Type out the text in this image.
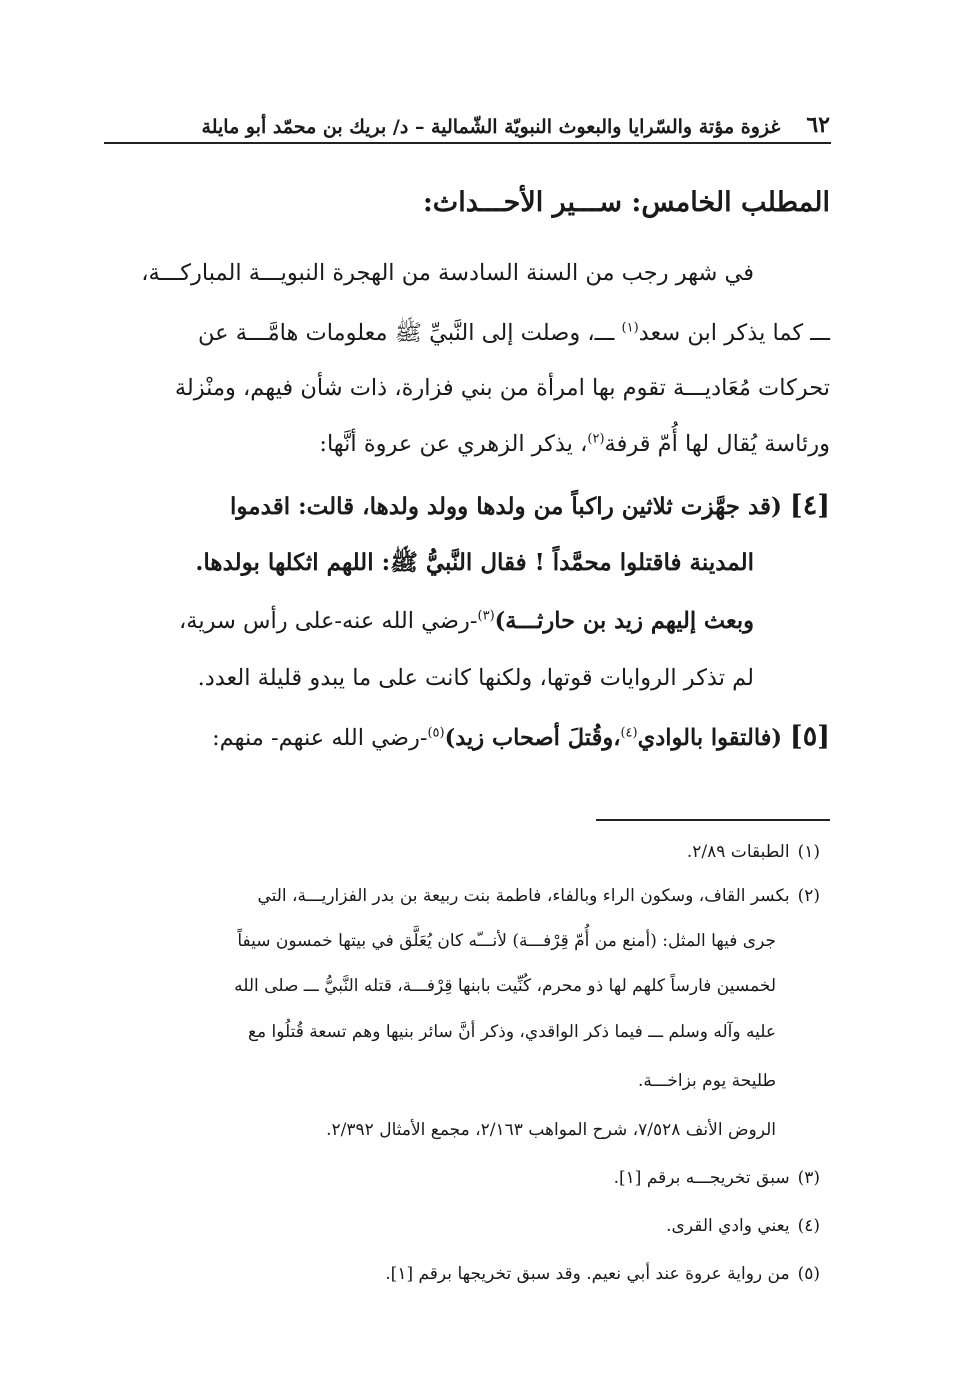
٦٢
غزوة مؤتة والسّرايا والبعوث النبويّة الشّمالية – د/ بريك بن محمّد أبو مايلة
المطلب الخامس: ســـير الأحـــداث:
في شهر رجب من السنة السادسة من الهجرة النبويـــة المباركـــة،
ـــ كما يذكر ابن سعد$^{(١)}$ ـــ، وصلت إلى النَّبيِّ ﷺ معلومات هامَّـــة عن
تحركات مُعَاديـــة تقوم بها امرأة من بني فزارة، ذات شأن فيهم، ومنْزلة
ورئاسة يُقال لها أُمّ قرفة$^{(٢)}$، يذكر الزهري عن عروة أنَّها:
[٤] (قد جهَّزت ثلاثين راكباً من ولدها وولد ولدها، قالت: اقدموا
المدينة فاقتلوا محمَّداً ! فقال النَّبيُّ ﷺ: اللهم اثكلها بولدها.
وبعث إليهم زيد بن حارثـــة)$^{(٣)}$-رضي الله عنه-على رأس سرية،
لم تذكر الروايات قوتها، ولكنها كانت على ما يبدو قليلة العدد.
[٥] (فالتقوا بالوادي$^{(٤)}$،وقُتلَ أصحاب زيد)$^{(٥)}$-رضي الله عنهم- منهم:
(١)الطبقات ٢/٨٩.
(٢)بكسر القاف، وسكون الراء وبالفاء، فاطمة بنت ربيعة بن بدر الفزاريـــة، التي
جرى فيها المثل: (أمنع من أُمّ قِرْفـــة) لأنـــّه كان يُعَلَّق في بيتها خمسون سيفاً
لخمسين فارساً كلهم لها ذو محرم، كُنِّيت بابنها قِرْفـــة، قتله النَّبيُّ ـــ صلى الله
عليه وآله وسلم ـــ فيما ذكر الواقدي، وذكر أنَّ سائر بنيها وهم تسعة قُتلُوا مع
طليحة يوم بزاخـــة.
الروض الأنف ٧/٥٢٨، شرح المواهب ٢/١٦٣، مجمع الأمثال ٢/٣٩٢.
(٣)سبق تخريجـــه برقم [١].
(٤)يعني وادي القرى.
(٥)من رواية عروة عند أبي نعيم. وقد سبق تخريجها برقم [١].
